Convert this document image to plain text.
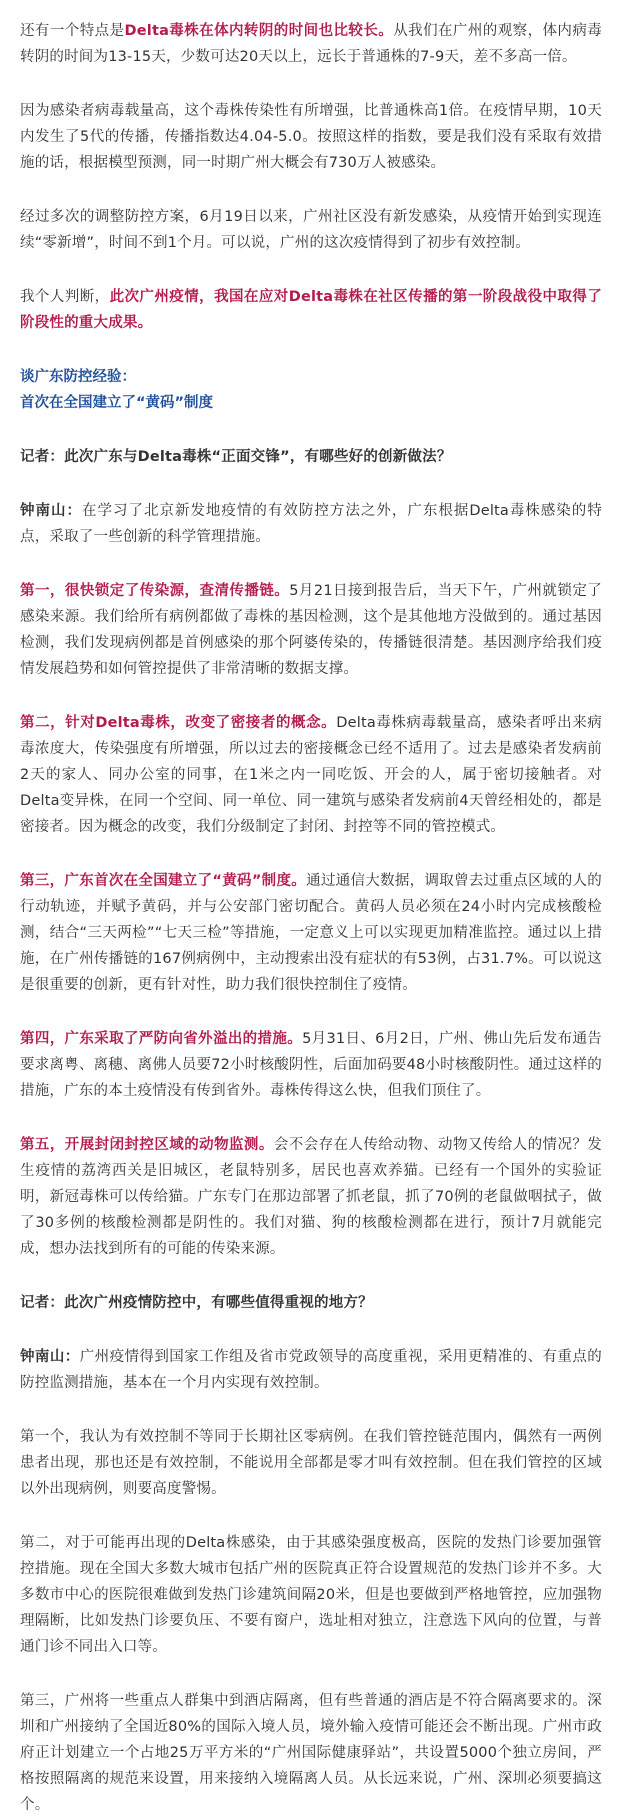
还有一个特点是Delta毒株在体内转阴的时间也比较长。从我们在广州的观察，体内病毒转阴的时间为13-15天，少数可达20天以上，远长于普通株的7-9天，差不多高一倍。

因为感染者病毒载量高，这个毒株传染性有所增强，比普通株高1倍。在疫情早期，10天内发生了5代的传播，传播指数达4.04-5.0。按照这样的指数，要是我们没有采取有效措施的话，根据模型预测，同一时期广州大概会有730万人被感染。

经过多次的调整防控方案，6月19日以来，广州社区没有新发感染，从疫情开始到实现连续“零新增”，时间不到1个月。可以说，广州的这次疫情得到了初步有效控制。

我个人判断，此次广州疫情，我国在应对Delta毒株在社区传播的第一阶段战役中取得了阶段性的重大成果。

谈广东防控经验：
首次在全国建立了“黄码”制度

记者：此次广东与Delta毒株“正面交锋”，有哪些好的创新做法？

钟南山：在学习了北京新发地疫情的有效防控方法之外，广东根据Delta毒株感染的特点，采取了一些创新的科学管理措施。

第一，很快锁定了传染源，查清传播链。5月21日接到报告后，当天下午，广州就锁定了感染来源。我们给所有病例都做了毒株的基因检测，这个是其他地方没做到的。通过基因检测，我们发现病例都是首例感染的那个阿婆传染的，传播链很清楚。基因测序给我们疫情发展趋势和如何管控提供了非常清晰的数据支撑。

第二，针对Delta毒株，改变了密接者的概念。Delta毒株病毒载量高，感染者呼出来病毒浓度大，传染强度有所增强，所以过去的密接概念已经不适用了。过去是感染者发病前2天的家人、同办公室的同事，在1米之内一同吃饭、开会的人，属于密切接触者。对Delta变异株，在同一个空间、同一单位、同一建筑与感染者发病前4天曾经相处的，都是密接者。因为概念的改变，我们分级制定了封闭、封控等不同的管控模式。

第三，广东首次在全国建立了“黄码”制度。通过通信大数据，调取曾去过重点区域的人的行动轨迹，并赋予黄码，并与公安部门密切配合。黄码人员必须在24小时内完成核酸检测，结合“三天两检”“七天三检”等措施，一定意义上可以实现更加精准监控。通过以上措施，在广州传播链的167例病例中，主动搜索出没有症状的有53例，占31.7%。可以说这是很重要的创新，更有针对性，助力我们很快控制住了疫情。

第四，广东采取了严防向省外溢出的措施。5月31日、6月2日，广州、佛山先后发布通告要求离粤、离穗、离佛人员要72小时核酸阴性，后面加码要48小时核酸阴性。通过这样的措施，广东的本土疫情没有传到省外。毒株传得这么快，但我们顶住了。

第五，开展封闭封控区域的动物监测。会不会存在人传给动物、动物又传给人的情况？发生疫情的荔湾西关是旧城区，老鼠特别多，居民也喜欢养猫。已经有一个国外的实验证明，新冠毒株可以传给猫。广东专门在那边部署了抓老鼠，抓了70例的老鼠做咽拭子，做了30多例的核酸检测都是阴性的。我们对猫、狗的核酸检测都在进行，预计7月就能完成，想办法找到所有的可能的传染来源。

记者：此次广州疫情防控中，有哪些值得重视的地方？

钟南山：广州疫情得到国家工作组及省市党政领导的高度重视，采用更精准的、有重点的防控监测措施，基本在一个月内实现有效控制。

第一个，我认为有效控制不等同于长期社区零病例。在我们管控链范围内，偶然有一两例患者出现，那也还是有效控制，不能说用全部都是零才叫有效控制。但在我们管控的区域以外出现病例，则要高度警惕。

第二，对于可能再出现的Delta株感染，由于其感染强度极高，医院的发热门诊要加强管控措施。现在全国大多数大城市包括广州的医院真正符合设置规范的发热门诊并不多。大多数市中心的医院很难做到发热门诊建筑间隔20米，但是也要做到严格地管控，应加强物理隔断，比如发热门诊要负压、不要有窗户，选址相对独立，注意选下风向的位置，与普通门诊不同出入口等。

第三，广州将一些重点人群集中到酒店隔离，但有些普通的酒店是不符合隔离要求的。深圳和广州接纳了全国近80%的国际入境人员，境外输入疫情可能还会不断出现。广州市政府正计划建立一个占地25万平方米的“广州国际健康驿站”，共设置5000个独立房间，严格按照隔离的规范来设置，用来接纳入境隔离人员。从长远来说，广州、深圳必须要搞这个。
